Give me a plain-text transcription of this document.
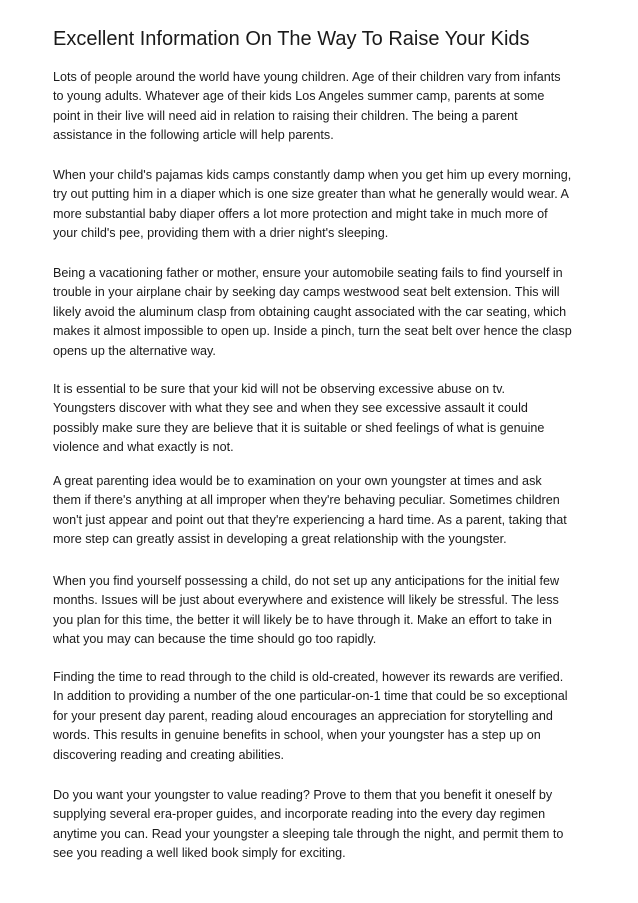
Excellent Information On The Way To Raise Your Kids
Lots of people around the world have young children. Age of their children vary from infants
to young adults. Whatever age of their kids Los Angeles summer camp, parents at some
point in their live will need aid in relation to raising their children. The being a parent
assistance in the following article will help parents.
When your child's pajamas kids camps constantly damp when you get him up every morning,
try out putting him in a diaper which is one size greater than what he generally would wear. A
more substantial baby diaper offers a lot more protection and might take in much more of
your child's pee, providing them with a drier night's sleeping.
Being a vacationing father or mother, ensure your automobile seating fails to find yourself in
trouble in your airplane chair by seeking day camps westwood seat belt extension. This will
likely avoid the aluminum clasp from obtaining caught associated with the car seating, which
makes it almost impossible to open up. Inside a pinch, turn the seat belt over hence the clasp
opens up the alternative way.
It is essential to be sure that your kid will not be observing excessive abuse on tv.
Youngsters discover with what they see and when they see excessive assault it could
possibly make sure they are believe that it is suitable or shed feelings of what is genuine
violence and what exactly is not.
A great parenting idea would be to examination on your own youngster at times and ask
them if there's anything at all improper when they're behaving peculiar. Sometimes children
won't just appear and point out that they're experiencing a hard time. As a parent, taking that
more step can greatly assist in developing a great relationship with the youngster.
When you find yourself possessing a child, do not set up any anticipations for the initial few
months. Issues will be just about everywhere and existence will likely be stressful. The less
you plan for this time, the better it will likely be to have through it. Make an effort to take in
what you may can because the time should go too rapidly.
Finding the time to read through to the child is old-created, however its rewards are verified.
In addition to providing a number of the one particular-on-1 time that could be so exceptional
for your present day parent, reading aloud encourages an appreciation for storytelling and
words. This results in genuine benefits in school, when your youngster has a step up on
discovering reading and creating abilities.
Do you want your youngster to value reading? Prove to them that you benefit it oneself by
supplying several era-proper guides, and incorporate reading into the every day regimen
anytime you can. Read your youngster a sleeping tale through the night, and permit them to
see you reading a well liked book simply for exciting.
